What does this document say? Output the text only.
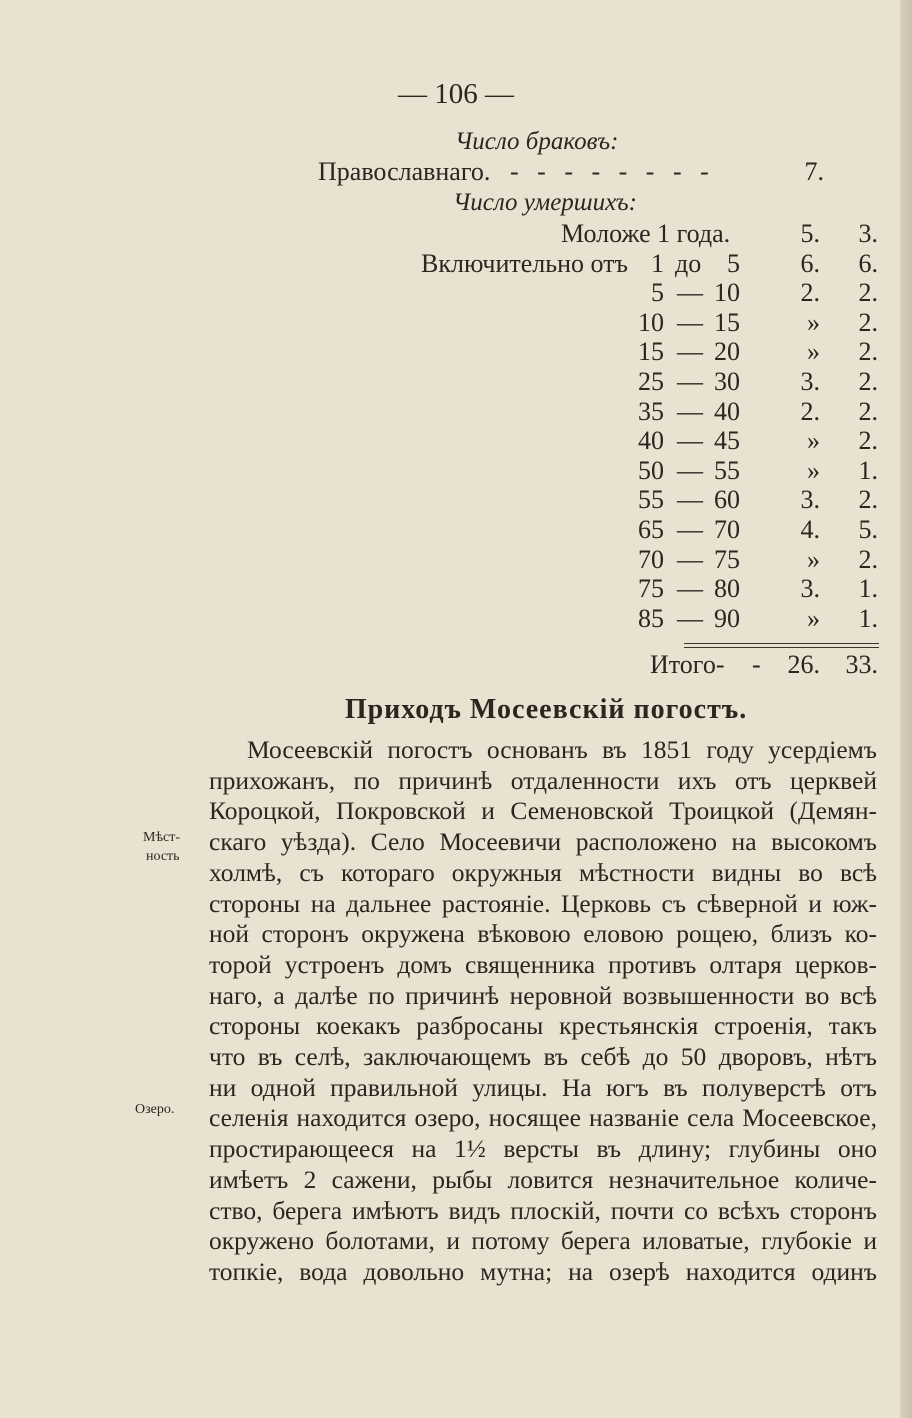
— 106 —
Число браковъ:
Православнаго. - - - - - - - -	7.
Число умершихъ:
Моложе 1 года.	5.	3.
Включительно отъ 1 до 5	6.	6.
5 — 10	2.	2.
10 — 15	»	2.
15 — 20	»	2.
25 — 30	3.	2.
35 — 40	2.	2.
40 — 45	»	2.
50 — 55	»	1.
55 — 60	3.	2.
65 — 70	4.	5.
70 — 75	»	2.
75 — 80	3.	1.
85 — 90	»	1.
Итого- -	26. 33.
Приходъ Мосеевскій погостъ.
Мѣст-
ность
Озеро.
Мосеевскій погостъ основанъ въ 1851 году усердіемъ
прихожанъ, по причинѣ отдаленности ихъ отъ церквей
Короцкой, Покровской и Семеновской Троицкой (Демян-
скаго уѣзда). Село Мосеевичи расположено на высокомъ
холмѣ, съ котораго окружныя мѣстности видны во всѣ
стороны на дальнее растояніе. Церковь съ сѣверной и юж-
ной сторонъ окружена вѣковою еловою рощею, близъ ко-
торой устроенъ домъ священника противъ олтаря церков-
наго, а далѣе по причинѣ неровной возвышенности во всѣ
стороны коекакъ разбросаны крестьянскія строенія, такъ
что въ селѣ, заключающемъ въ себѣ до 50 дворовъ, нѣтъ
ни одной правильной улицы. На югъ въ полуверстѣ отъ
селенія находится озеро, носящее названіе села Мосеевское,
простирающееся на 1½ версты въ длину; глубины оно
имѣетъ 2 сажени, рыбы ловится незначительное количе-
ство, берега имѣютъ видъ плоскій, почти со всѣхъ сторонъ
окружено болотами, и потому берега иловатые, глубокіе и
топкіе, вода довольно мутна; на озерѣ находится одинъ
